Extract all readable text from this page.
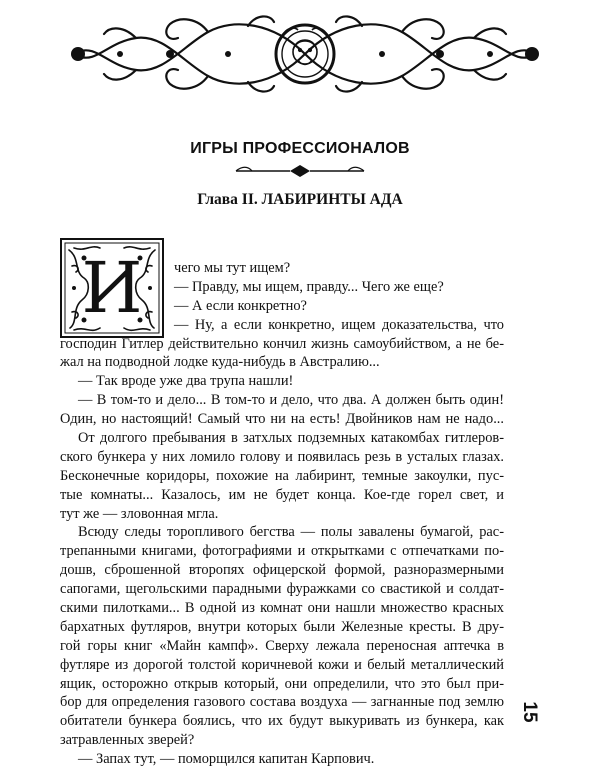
ИГРЫ ПРОФЕССИОНАЛОВ
Глава II. ЛАБИРИНТЫ АДА
И	чего мы тут ищем?
— Правду, мы ищем, правду... Чего же еще?
— А если конкретно?
— Ну, а если конкретно, ищем доказательства, что
господин Гитлер действительно кончил жизнь самоубийством, а не бе-
жал на подводной лодке куда-нибудь в Австралию...
— Так вроде уже два трупа нашли!
— В том-то и дело... В том-то и дело, что два. А должен быть один!
Один, но настоящий! Самый что ни на есть! Двойников нам не надо...
От долгого пребывания в затхлых подземных катакомбах гитлеров-
ского бункера у них ломило голову и появилась резь в усталых глазах.
Бесконечные коридоры, похожие на лабиринт, темные закоулки, пус-
тые комнаты... Казалось, им не будет конца. Кое-где горел свет, и
тут же — зловонная мгла.
Всюду следы торопливого бегства — полы завалены бумагой, рас-
трепанными книгами, фотографиями и открытками с отпечатками по-
дошв, сброшенной второпях офицерской формой, разноразмерными
сапогами, щегольскими парадными фуражками со свастикой и солдат-
скими пилотками... В одной из комнат они нашли множество красных
бархатных футляров, внутри которых были Железные кресты. В дру-
гой горы книг «Майн кампф». Сверху лежала переносная аптечка в
футляре из дорогой толстой коричневой кожи и белый металлический
ящик, осторожно открыв который, они определили, что это был при-
бор для определения газового состава воздуха — загнанные под землю
обитатели бункера боялись, что их будут выкуривать из бункера, как
затравленных зверей?
— Запах тут, — поморщился капитан Карпович.
15
